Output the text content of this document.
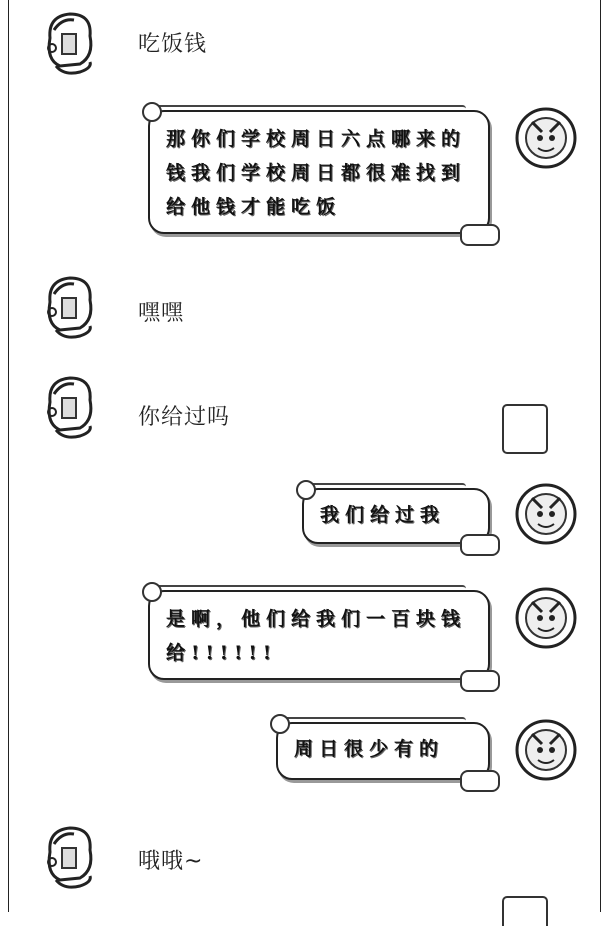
吃饭钱
那你们学校周日六点哪来的钱我们学校周日都很难找到给他钱才能吃饭
嘿嘿
你给过吗
我们给过我
是啊，他们给我们一百块钱给!!!!!!
周日很少有的
哦哦~
